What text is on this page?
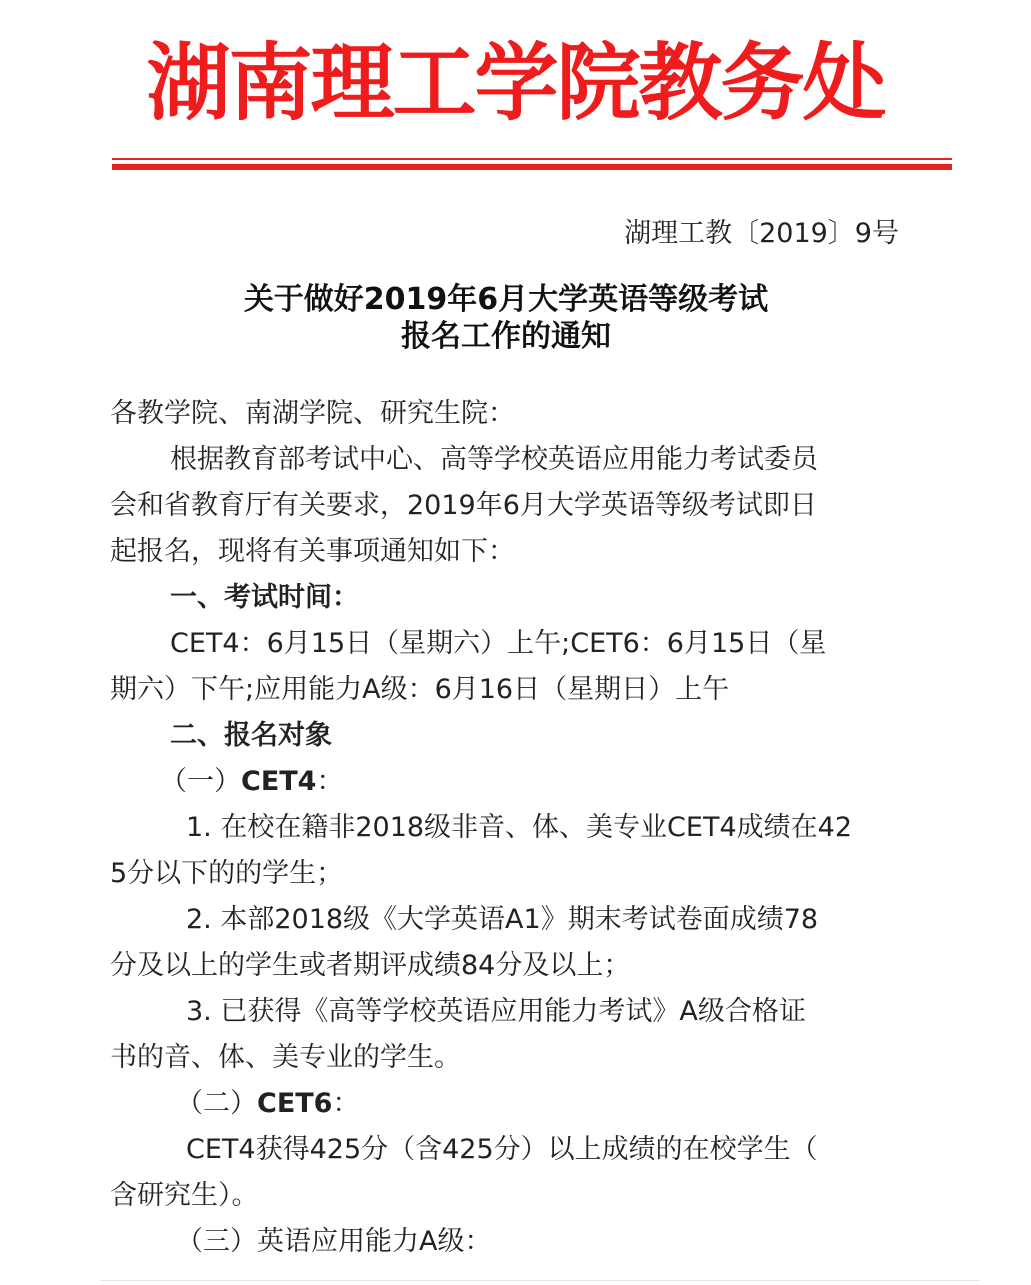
湖南理工学院教务处
湖理工教〔2019〕9号
关于做好2019年6月大学英语等级考试
报名工作的通知
各教学院、南湖学院、研究生院：
根据教育部考试中心、高等学校英语应用能力考试委员
会和省教育厅有关要求，2019年6月大学英语等级考试即日
起报名，现将有关事项通知如下：
一、考试时间：
CET4：6月15日（星期六）上午;CET6：6月15日（星
期六）下午;应用能力A级：6月16日（星期日）上午
二、报名对象
（一）CET4：
1. 在校在籍非2018级非音、体、美专业CET4成绩在42
5分以下的的学生；
2. 本部2018级《大学英语A1》期末考试卷面成绩78
分及以上的学生或者期评成绩84分及以上；
3. 已获得《高等学校英语应用能力考试》A级合格证
书的音、体、美专业的学生。
（二）CET6：
CET4获得425分（含425分）以上成绩的在校学生（
含研究生）。
（三）英语应用能力A级：
